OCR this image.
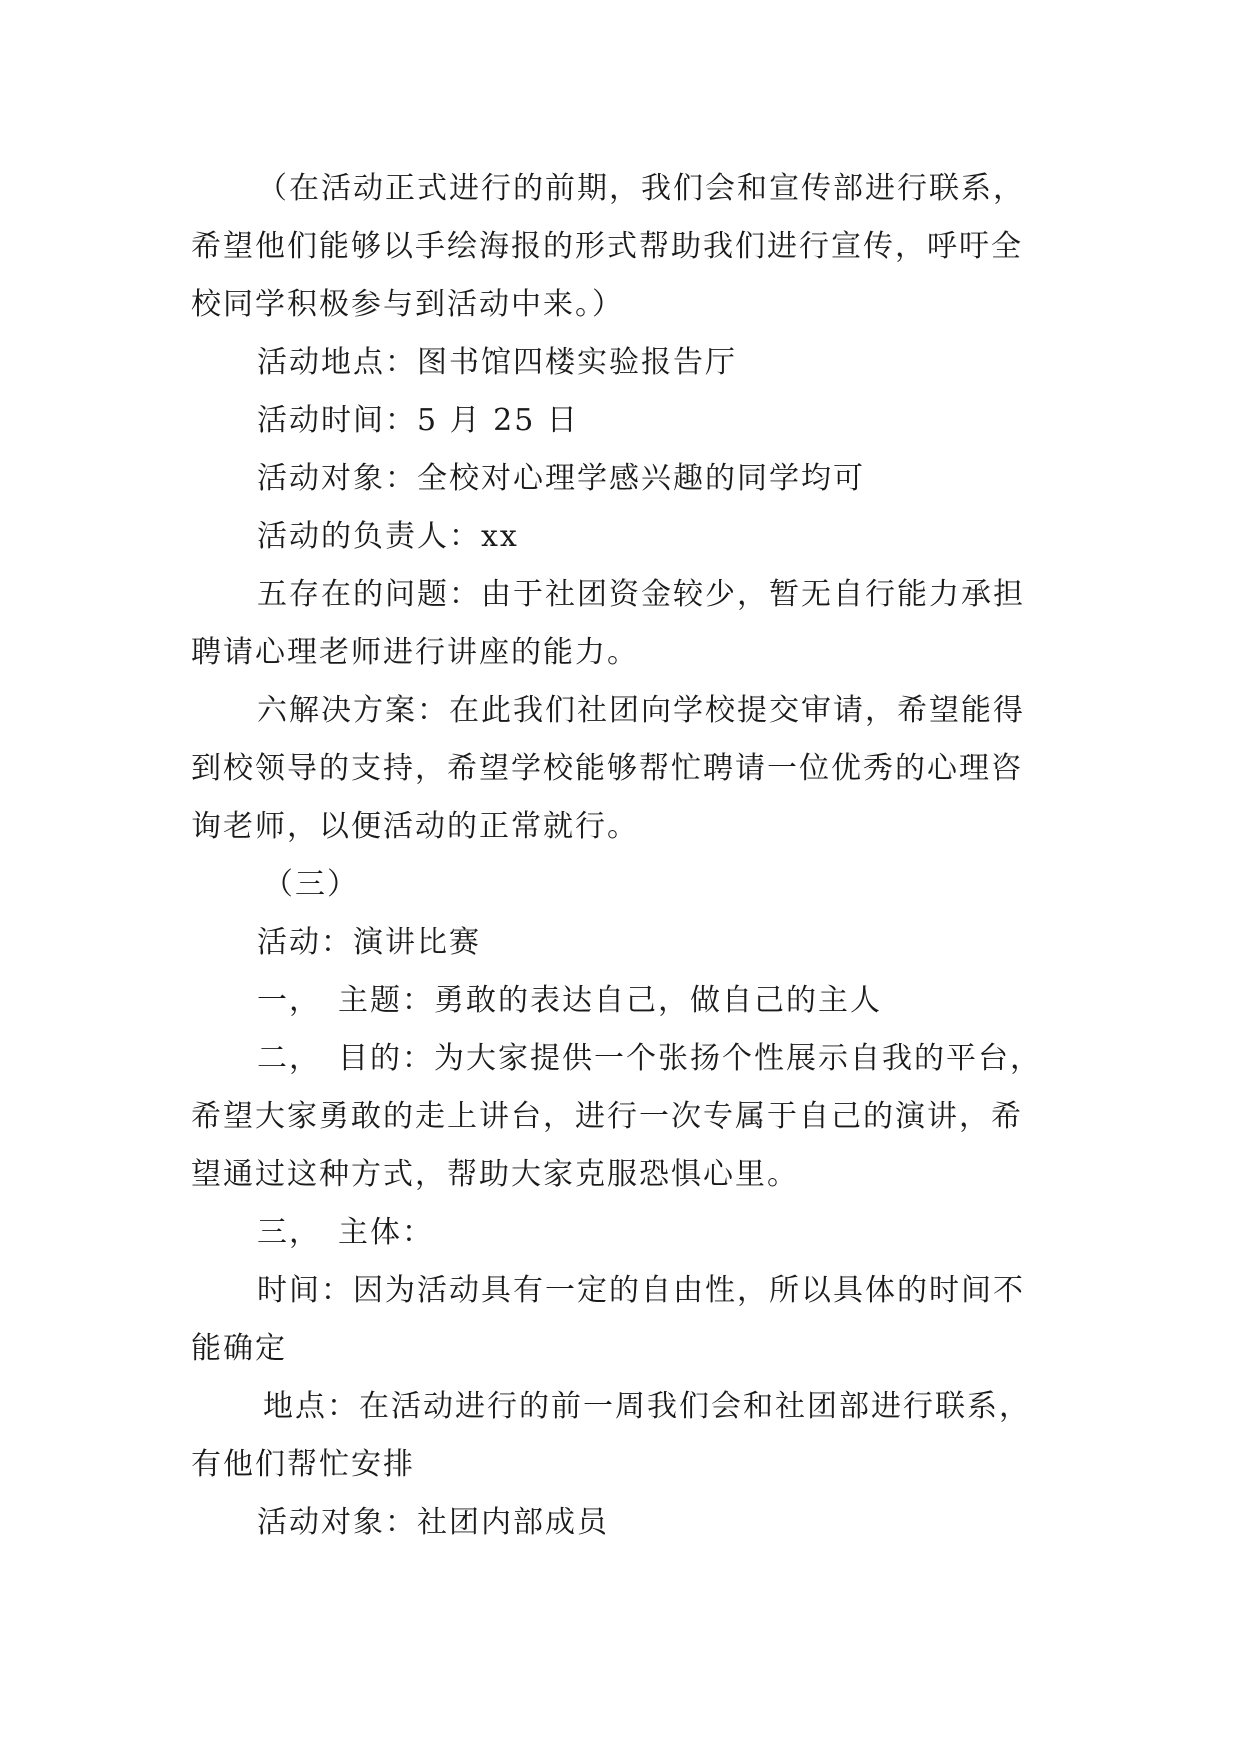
（在活动正式进行的前期，我们会和宣传部进行联系，希望他们能够以手绘海报的形式帮助我们进行宣传，呼吁全校同学积极参与到活动中来。）

活动地点：图书馆四楼实验报告厅

活动时间：5 月 25 日

活动对象：全校对心理学感兴趣的同学均可

活动的负责人：xx

五存在的问题：由于社团资金较少，暂无自行能力承担聘请心理老师进行讲座的能力。

六解决方案：在此我们社团向学校提交审请，希望能得到校领导的支持，希望学校能够帮忙聘请一位优秀的心理咨询老师，以便活动的正常就行。

（三）

活动：演讲比赛

一，　主题：勇敢的表达自己，做自己的主人

二，　目的：为大家提供一个张扬个性展示自我的平台，希望大家勇敢的走上讲台，进行一次专属于自己的演讲，希望通过这种方式，帮助大家克服恐惧心里。

三，　主体：

时间：因为活动具有一定的自由性，所以具体的时间不能确定

地点：在活动进行的前一周我们会和社团部进行联系，有他们帮忙安排

活动对象：社团内部成员
